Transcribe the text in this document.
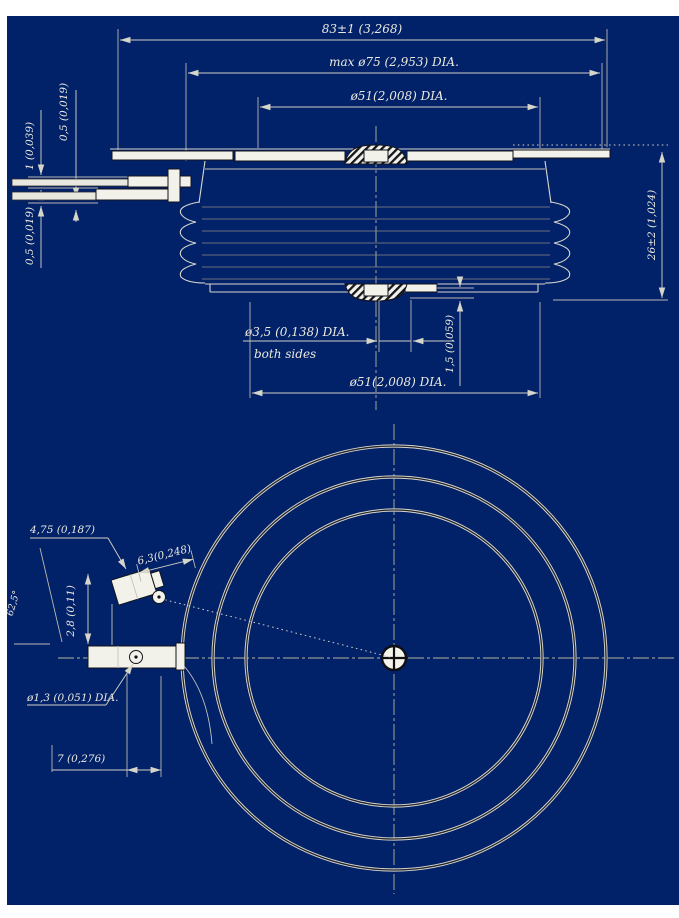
83±1 (3,268)
max ø75 (2,953) DIA.
ø51(2,008) DIA.
0,5 (0,019)
1 (0,039)
0,5 (0,019)
ø3,5 (0,138) DIA.
both sides	1,5 (0,059)
ø51(2,008) DIA.
26±2 (1,024)
6,3(0,248)
4,75 (0,187)
62,5°	2,8 (0,11)
ø1,3 (0,051) DIA.
7 (0,276)
